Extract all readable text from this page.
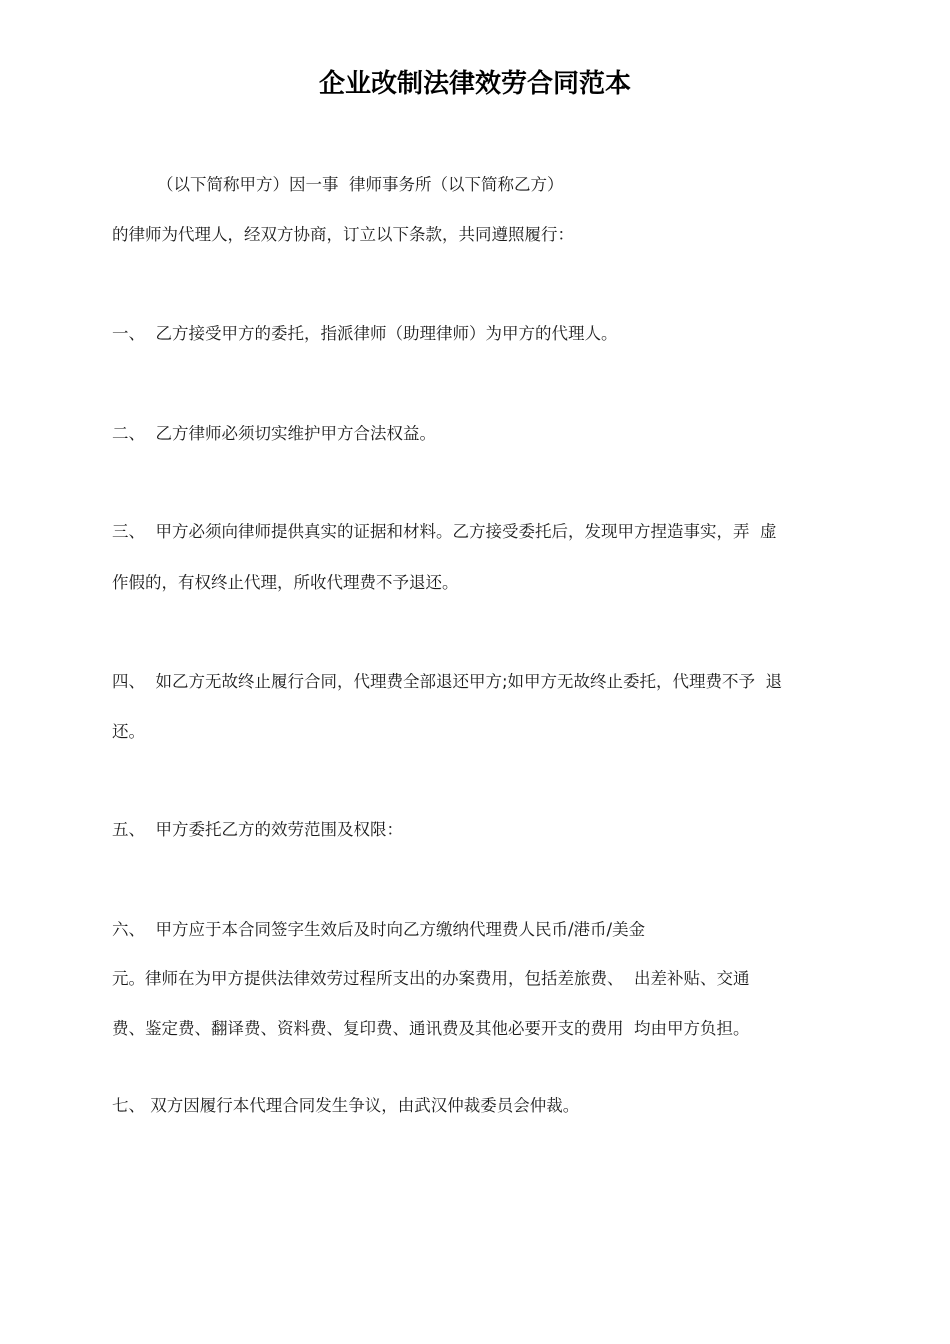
企业改制法律效劳合同范本
（以下简称甲方）因一事  律师事务所（以下简称乙方）
的律师为代理人，经双方协商，订立以下条款，共同遵照履行：
一、  乙方接受甲方的委托，指派律师（助理律师）为甲方的代理人。
二、  乙方律师必须切实维护甲方合法权益。
三、  甲方必须向律师提供真实的证据和材料。乙方接受委托后，发现甲方捏造事实，弄  虚
作假的，有权终止代理，所收代理费不予退还。
四、  如乙方无故终止履行合同，代理费全部退还甲方;如甲方无故终止委托，代理费不予  退
还。
五、  甲方委托乙方的效劳范围及权限：
六、  甲方应于本合同签字生效后及时向乙方缴纳代理费人民币/港币/美金
元。律师在为甲方提供法律效劳过程所支出的办案费用，包括差旅费、  出差补贴、交通
费、鉴定费、翻译费、资料费、复印费、通讯费及其他必要开支的费用  均由甲方负担。
七、 双方因履行本代理合同发生争议，由武汉仲裁委员会仲裁。
